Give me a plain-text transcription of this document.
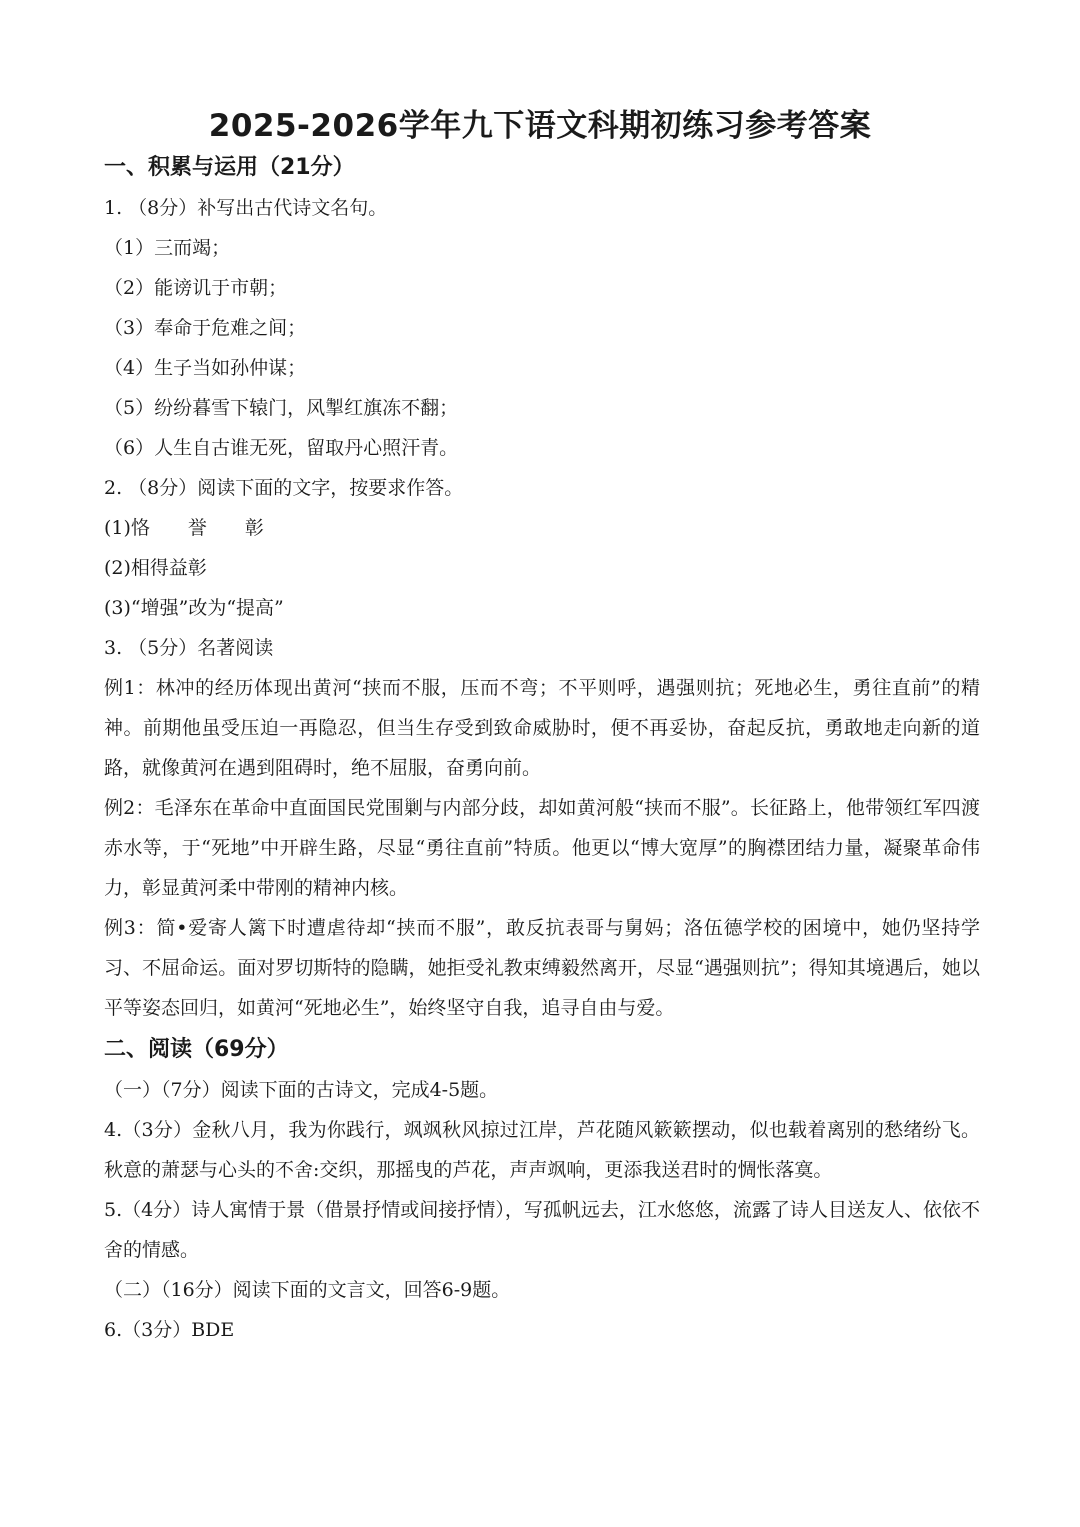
2025-2026学年九下语文科期初练习参考答案
一、积累与运用（21分）

1. （8分）补写出古代诗文名句。

（1）三而竭；

（2）能谤讥于市朝；

（3）奉命于危难之间；

（4）生子当如孙仲谋；

（5）纷纷暮雪下辕门，风掣红旗冻不翻；

（6）人生自古谁无死，留取丹心照汗青。

2. （8分）阅读下面的文字，按要求作答。

(1)恪　　誉　　彰

(2)相得益彰

(3)“增强”改为“提高”

3. （5分）名著阅读

例1：林冲的经历体现出黄河“挟而不服，压而不弯；不平则呼，遇强则抗；死地必生，勇往直前”的精神。前期他虽受压迫一再隐忍，但当生存受到致命威胁时，便不再妥协，奋起反抗，勇敢地走向新的道路，就像黄河在遇到阻碍时，绝不屈服，奋勇向前。

例2：毛泽东在革命中直面国民党围剿与内部分歧，却如黄河般“挟而不服”。长征路上，他带领红军四渡赤水等，于“死地”中开辟生路，尽显“勇往直前”特质。他更以“博大宽厚”的胸襟团结力量，凝聚革命伟力，彰显黄河柔中带刚的精神内核。

例3：简•爱寄人篱下时遭虐待却“挟而不服”，敢反抗表哥与舅妈；洛伍德学校的困境中，她仍坚持学习、不屈命运。面对罗切斯特的隐瞒，她拒受礼教束缚毅然离开，尽显“遇强则抗”；得知其境遇后，她以平等姿态回归，如黄河“死地必生”，始终坚守自我，追寻自由与爱。

二、阅读（69分）

（一）（7分）阅读下面的古诗文，完成4-5题。

4.（3分）金秋八月，我为你践行，飒飒秋风掠过江岸，芦花随风簌簌摆动，似也载着离别的愁绪纷飞。秋意的萧瑟与心头的不舍:交织，那摇曳的芦花，声声飒响，更添我送君时的惆怅落寞。

5.（4分）诗人寓情于景（借景抒情或间接抒情），写孤帆远去，江水悠悠，流露了诗人目送友人、依依不舍的情感。

（二）（16分）阅读下面的文言文，回答6-9题。

6.（3分）BDE
